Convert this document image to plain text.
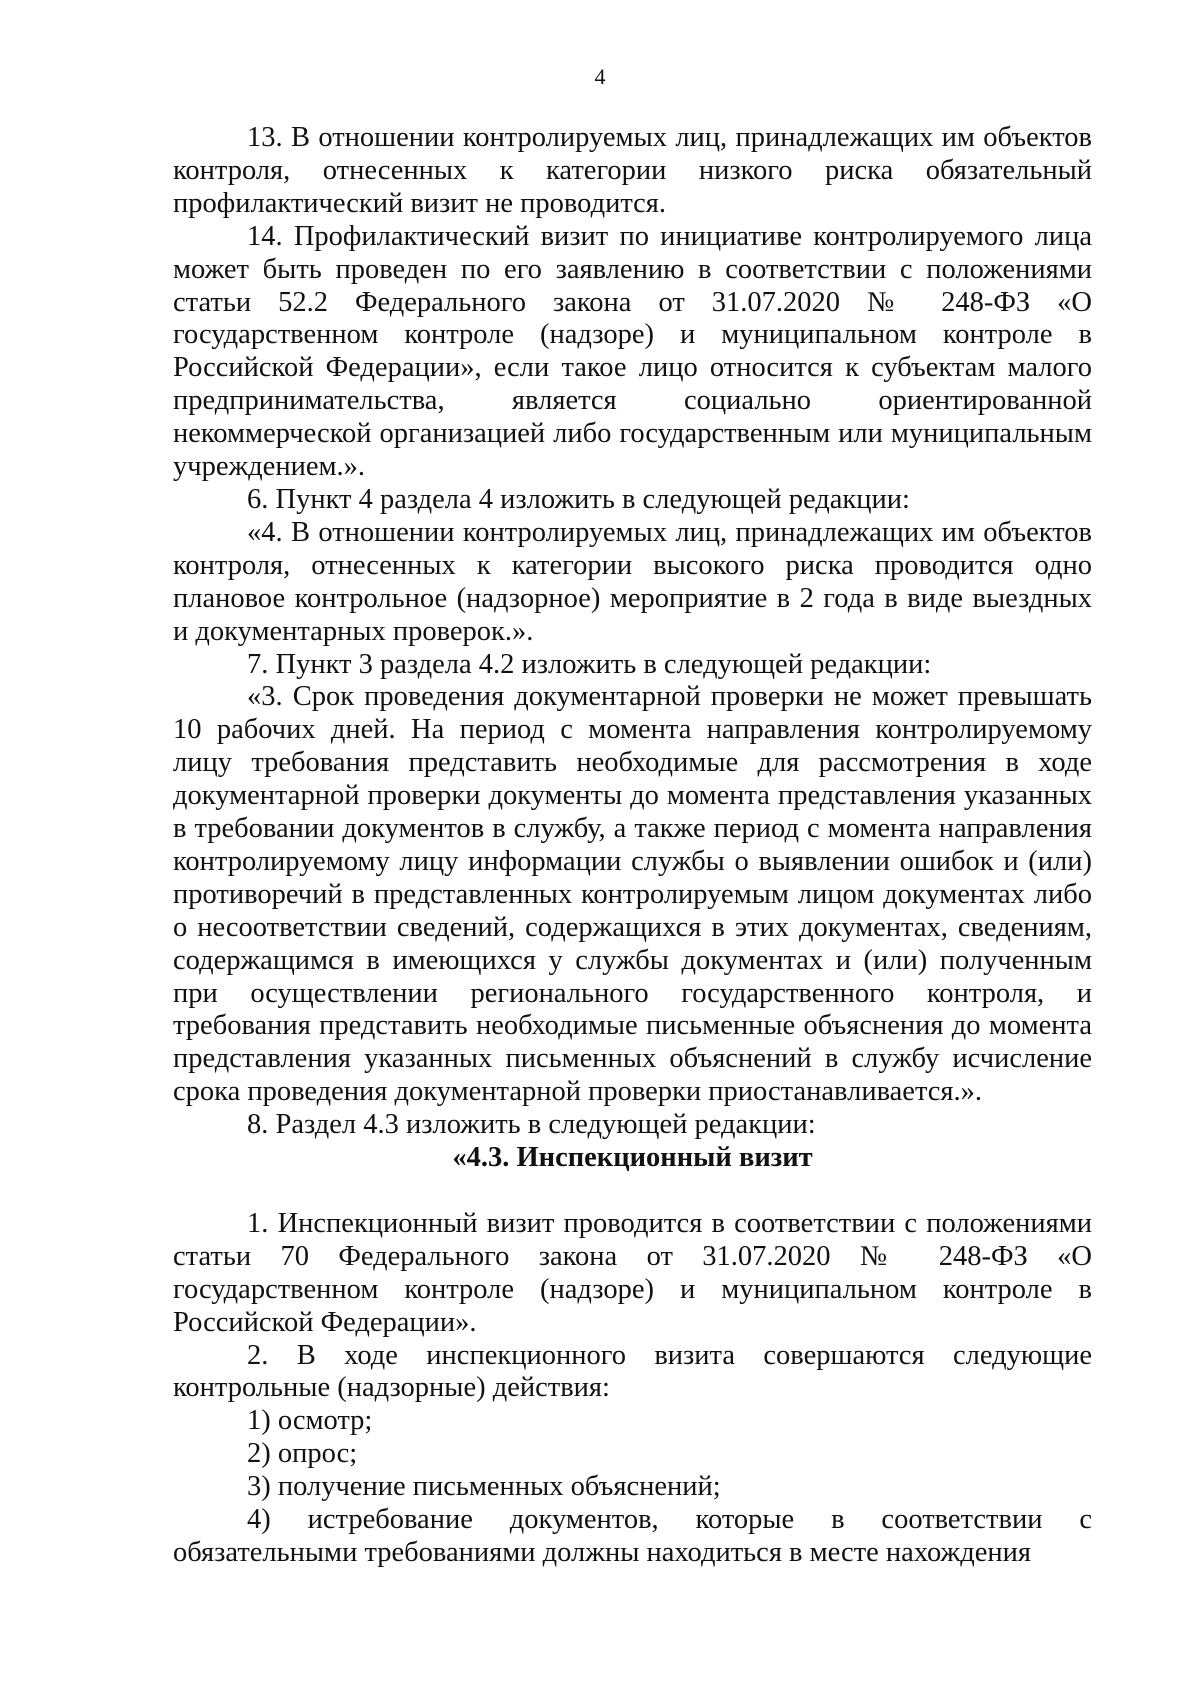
4

13. В отношении контролируемых лиц, принадлежащих им объектов контроля, отнесенных к категории низкого риска обязательный профилактический визит не проводится.

14. Профилактический визит по инициативе контролируемого лица может быть проведен по его заявлению в соответствии с положениями статьи 52.2 Федерального закона от 31.07.2020 № 248-ФЗ «О государственном контроле (надзоре) и муниципальном контроле в Российской Федерации», если такое лицо относится к субъектам малого предпринимательства, является социально ориентированной некоммерческой организацией либо государственным или муниципальным учреждением.».

6. Пункт 4 раздела 4 изложить в следующей редакции:

«4. В отношении контролируемых лиц, принадлежащих им объектов контроля, отнесенных к категории высокого риска проводится одно плановое контрольное (надзорное) мероприятие в 2 года в виде выездных и документарных проверок.».

7. Пункт 3 раздела 4.2 изложить в следующей редакции:

«3. Срок проведения документарной проверки не может превышать 10 рабочих дней. На период с момента направления контролируемому лицу требования представить необходимые для рассмотрения в ходе документарной проверки документы до момента представления указанных в требовании документов в службу, а также период с момента направления контролируемому лицу информации службы о выявлении ошибок и (или) противоречий в представленных контролируемым лицом документах либо о несоответствии сведений, содержащихся в этих документах, сведениям, содержащимся в имеющихся у службы документах и (или) полученным при осуществлении регионального государственного контроля, и требования представить необходимые письменные объяснения до момента представления указанных письменных объяснений в службу исчисление срока проведения документарной проверки приостанавливается.».

8. Раздел 4.3 изложить в следующей редакции:

«4.3. Инспекционный визит

1. Инспекционный визит проводится в соответствии с положениями статьи 70 Федерального закона от 31.07.2020 № 248-ФЗ «О государственном контроле (надзоре) и муниципальном контроле в Российской Федерации».

2. В ходе инспекционного визита совершаются следующие контрольные (надзорные) действия:

1) осмотр;

2) опрос;

3) получение письменных объяснений;

4) истребование документов, которые в соответствии с обязательными требованиями должны находиться в месте нахождения
